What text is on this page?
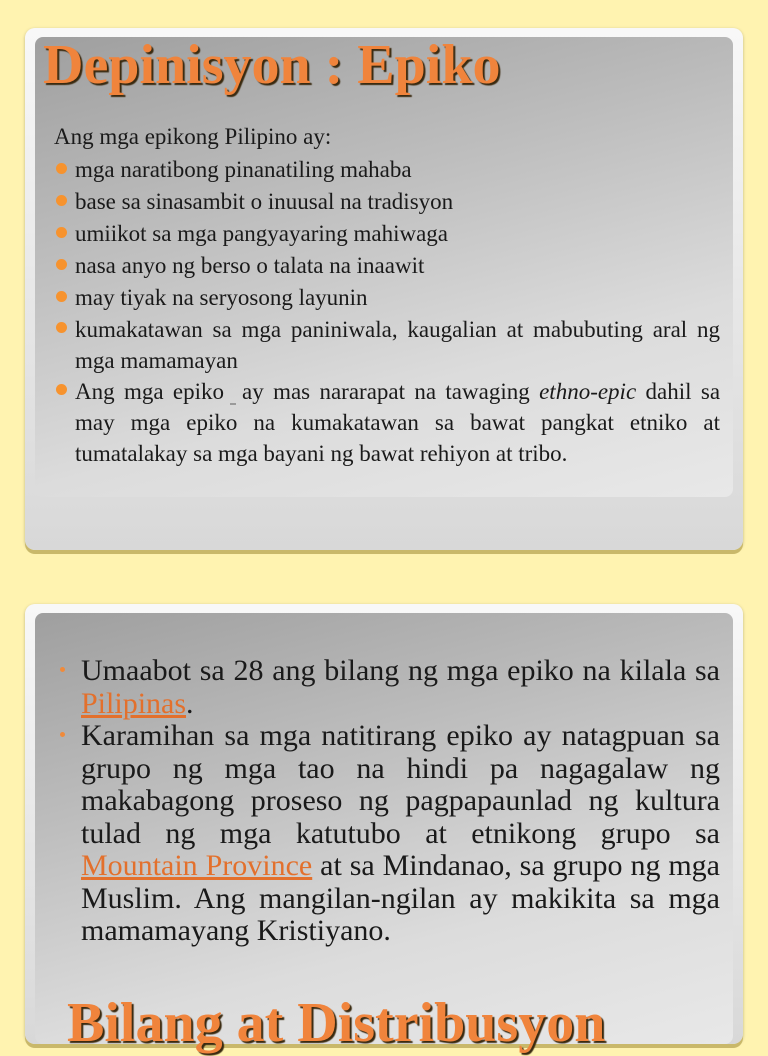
Depinisyon : Epiko

Ang mga epikong Pilipino ay:

mga naratibong pinanatiling mahaba
base sa sinasambit o inuusal na tradisyon
umiikot sa mga pangyayaring mahiwaga
nasa anyo ng berso o talata na inaawit
may tiyak na seryosong layunin
kumakatawan sa mga paniniwala, kaugalian at mabubuting aral ng mga mamamayan
Ang mga epiko ay mas nararapat na tawaging ethno-epic dahil sa may mga epiko na kumakatawan sa bawat pangkat etniko at tumatalakay sa mga bayani ng bawat rehiyon at tribo.
Umaabot sa 28 ang bilang ng mga epiko na kilala sa Pilipinas.
Karamihan sa mga natitirang epiko ay natagpuan sa grupo ng mga tao na hindi pa nagagalaw ng makabagong proseso ng pagpapaunlad ng kultura tulad ng mga katutubo at etnikong grupo sa Mountain Province at sa Mindanao, sa grupo ng mga Muslim. Ang mangilan-ngilan ay makikita sa mga mamamayang Kristiyano.
Bilang at Distribusyon
